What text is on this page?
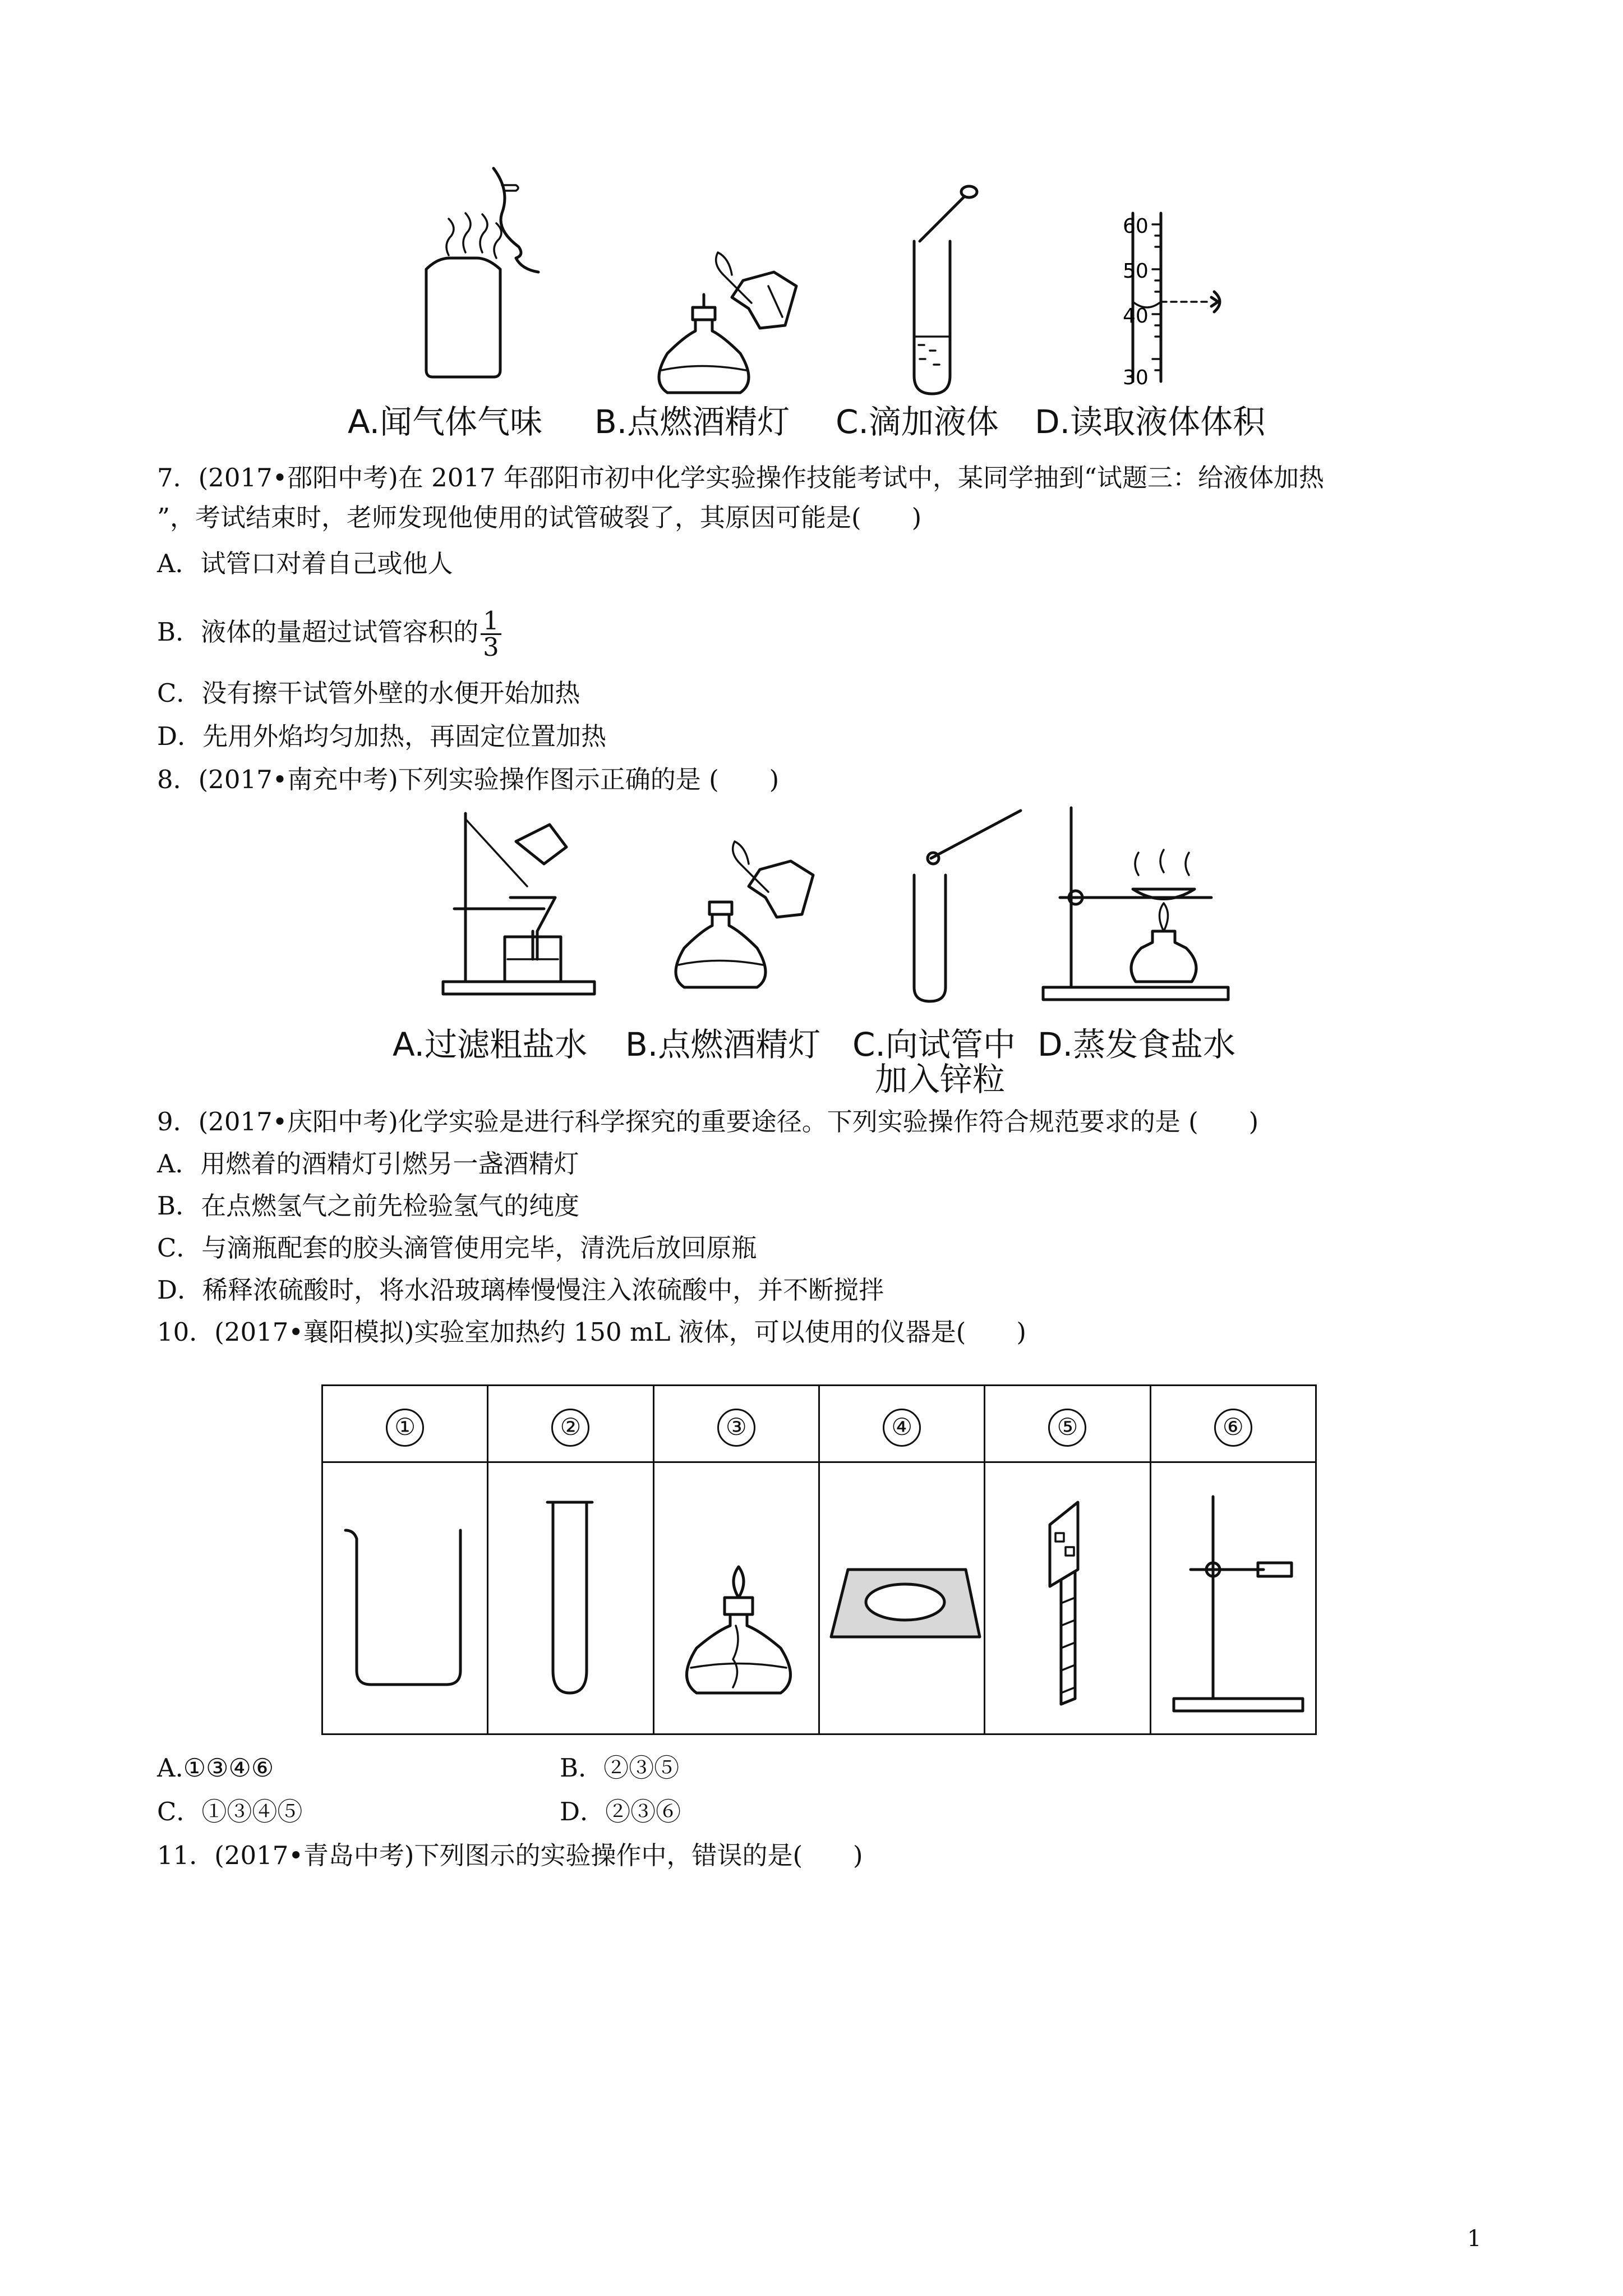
60
50
40
30
A.闻气体气味 B.点燃酒精灯 C.滴加液体 D.读取液体体积
7．(2017•邵阳中考)在 2017 年邵阳市初中化学实验操作技能考试中，某同学抽到“试题三：给液体加热
”，考试结束时，老师发现他使用的试管破裂了，其原因可能是(　　)
A．试管口对着自己或他人
B．液体的量超过试管容积的 $\frac{1}{3}$
C．没有擦干试管外壁的水便开始加热
D．先用外焰均匀加热，再固定位置加热
8．(2017•南充中考)下列实验操作图示正确的是 (　　)
A.过滤粗盐水 B.点燃酒精灯 C.向试管中
加入锌粒
D.蒸发食盐水
9．(2017•庆阳中考)化学实验是进行科学探究的重要途径。下列实验操作符合规范要求的是 (　　)
A．用燃着的酒精灯引燃另一盏酒精灯
B．在点燃氢气之前先检验氢气的纯度
C．与滴瓶配套的胶头滴管使用完毕，清洗后放回原瓶
D．稀释浓硫酸时，将水沿玻璃棒慢慢注入浓硫酸中，并不断搅拌
10．(2017•襄阳模拟)实验室加热约 150 mL 液体，可以使用的仪器是(　　)
①	②	③	④	⑤	⑥

A.①③④⑥	B．②③⑤
C．①③④⑤	D．②③⑥
11．(2017•青岛中考)下列图示的实验操作中，错误的是(　　)
1
